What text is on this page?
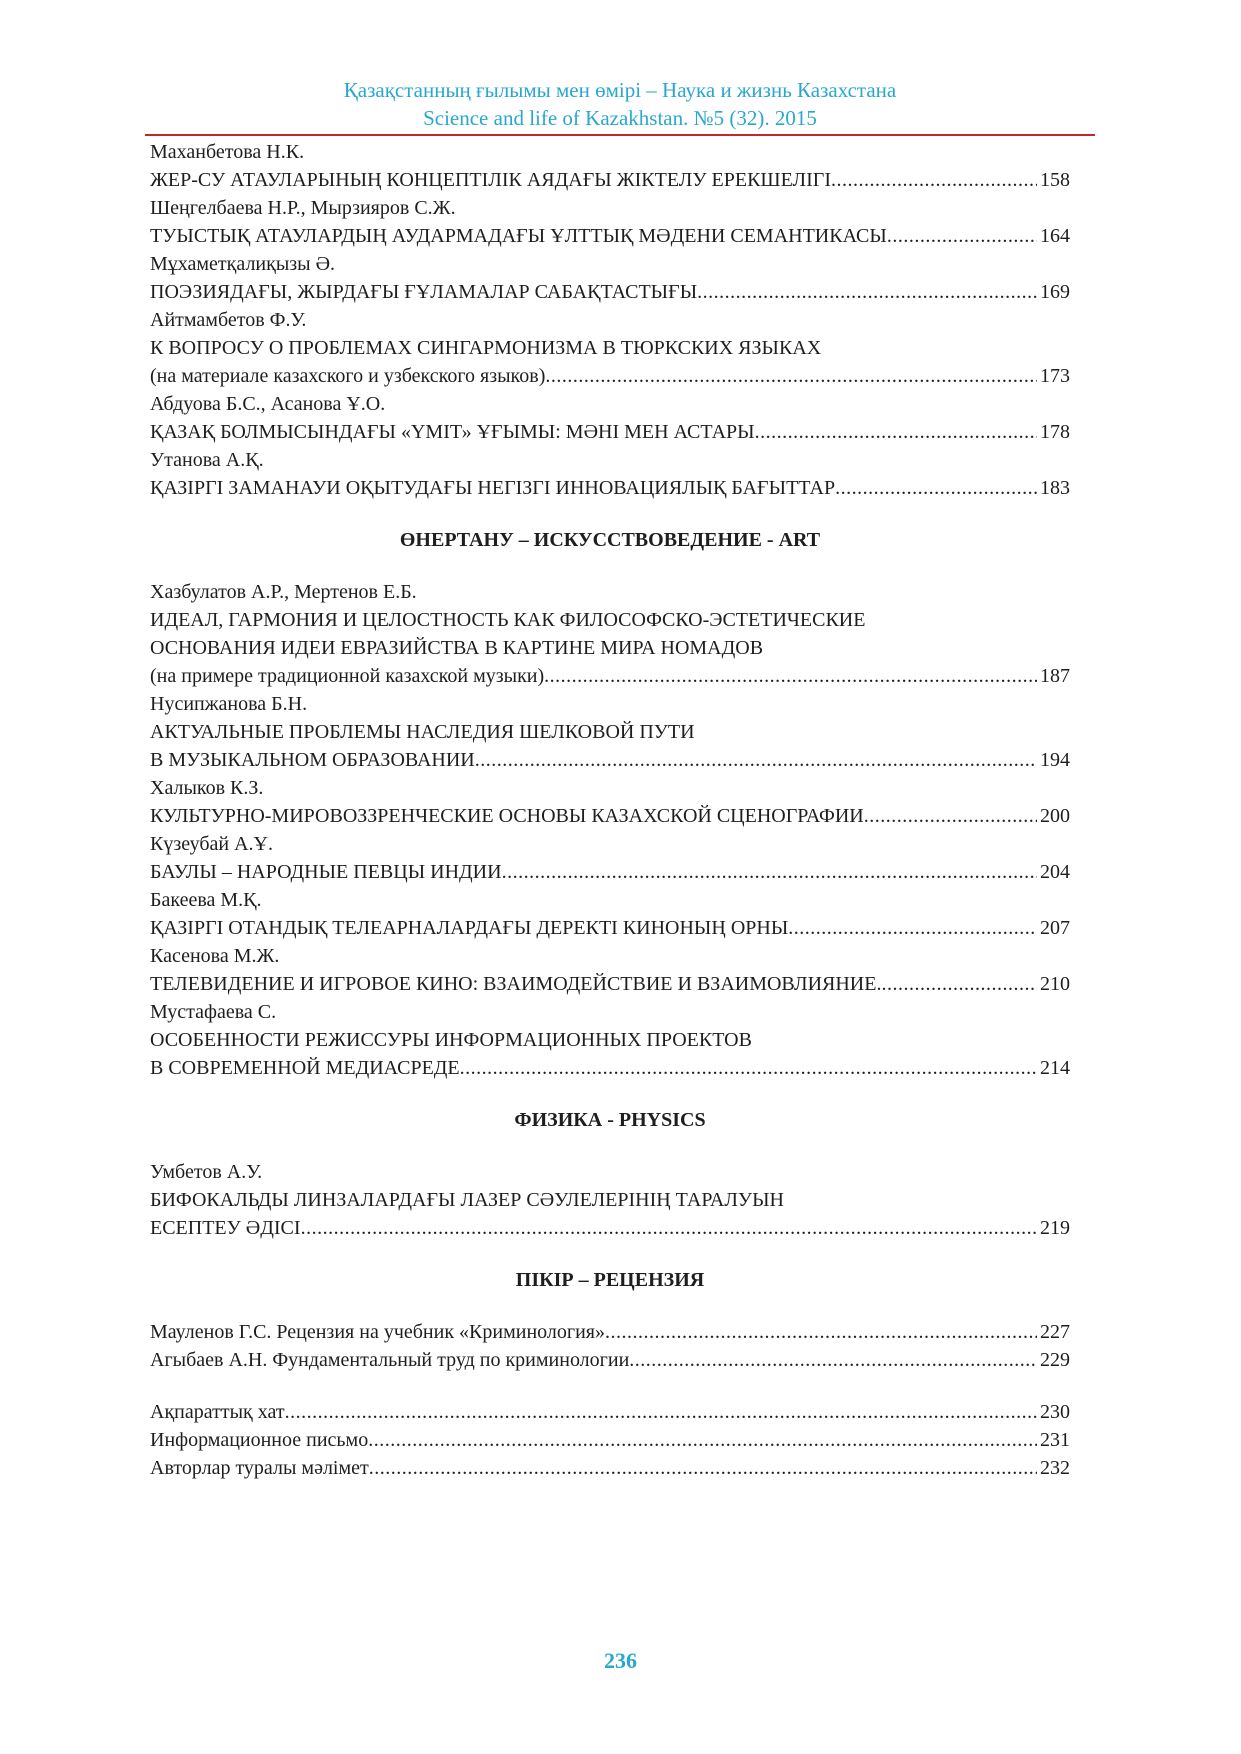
Қазақстанның ғылымы мен өмірі – Наука и жизнь Казахстана
Science and life of Kazakhstan. №5 (32). 2015
Маханбетова Н.К.
ЖЕР-СУ АТАУЛАРЫНЫҢ КОНЦЕПТІЛІК АЯДАҒЫ ЖІКТЕЛУ ЕРЕКШЕЛІГІ .....	158
Шеңгелбаева Н.Р., Мырзияров С.Ж.
ТУЫСТЫҚ АТАУЛАРДЫҢ АУДАРМАДАҒЫ ҰЛТТЫҚ МӘДЕНИ СЕМАНТИКАСЫ .....	164
Мұхаметқалиқызы Ә.
ПОЭЗИЯДАҒЫ, ЖЫРДАҒЫ ҒҰЛАМАЛАР САБАҚТАСТЫҒЫ .....	169
Айтмамбетов Ф.У.
К ВОПРОСУ О ПРОБЛЕМАХ СИНГАРМОНИЗМА В ТЮРКСКИХ ЯЗЫКАХ
(на материале казахского и узбекского языков) .....	173
Абдуова Б.С., Асанова Ұ.О.
ҚАЗАҚ БОЛМЫСЫНДАҒЫ «ҮМІТ» ҰҒЫМЫ: МӘНІ МЕН АСТАРЫ .....	178
Утанова А.Қ.
ҚАЗІРГІ ЗАМАНАУИ ОҚЫТУДАҒЫ НЕГІЗГІ ИННОВАЦИЯЛЫҚ БАҒЫТТАР .....	183
ӨНЕРТАНУ – ИСКУССТВОВЕДЕНИЕ - ART
Хазбулатов А.Р., Мертенов Е.Б.
ИДЕАЛ, ГАРМОНИЯ И ЦЕЛОСТНОСТЬ КАК ФИЛОСОФСКО-ЭСТЕТИЧЕСКИЕ
ОСНОВАНИЯ ИДЕИ ЕВРАЗИЙСТВА В КАРТИНЕ МИРА НОМАДОВ
(на примере традиционной казахской музыки) .....	187
Нусипжанова Б.Н.
АКТУАЛЬНЫЕ ПРОБЛЕМЫ НАСЛЕДИЯ ШЕЛКОВОЙ ПУТИ
В МУЗЫКАЛЬНОМ ОБРАЗОВАНИИ .....	194
Халыков К.З.
КУЛЬТУРНО-МИРОВОЗЗРЕНЧЕСКИЕ ОСНОВЫ КАЗАХСКОЙ СЦЕНОГРАФИИ .....	200
Күзеубай А.Ұ.
БАУЛЫ – НАРОДНЫЕ ПЕВЦЫ ИНДИИ .....	204
Бакеева М.Қ.
ҚАЗІРГІ ОТАНДЫҚ ТЕЛЕАРНАЛАРДАҒЫ ДЕРЕКТІ КИНОНЫҢ ОРНЫ .....	207
Касенова М.Ж.
ТЕЛЕВИДЕНИЕ И ИГРОВОЕ КИНО: ВЗАИМОДЕЙСТВИЕ И ВЗАИМОВЛИЯНИЕ. .....	210
Мустафаева С.
ОСОБЕННОСТИ РЕЖИССУРЫ ИНФОРМАЦИОННЫХ ПРОЕКТОВ
В СОВРЕМЕННОЙ МЕДИАСРЕДЕ .....	214
ФИЗИКА - PHYSICS
Умбетов А.У.
БИФОКАЛЬДЫ ЛИНЗАЛАРДАҒЫ ЛАЗЕР СӘУЛЕЛЕРІНІҢ ТАРАЛУЫН
ЕСЕПТЕУ ӘДІСІ .....	219
ПІКІР – РЕЦЕНЗИЯ
Мауленов Г.С. Рецензия на учебник «Криминология» .....	227
Агыбаев А.Н. Фундаментальный труд по криминологии .....	229
Ақпараттық хат .....	230
Информационное письмо .....	231
Авторлар туралы мәлімет .....	232
236
